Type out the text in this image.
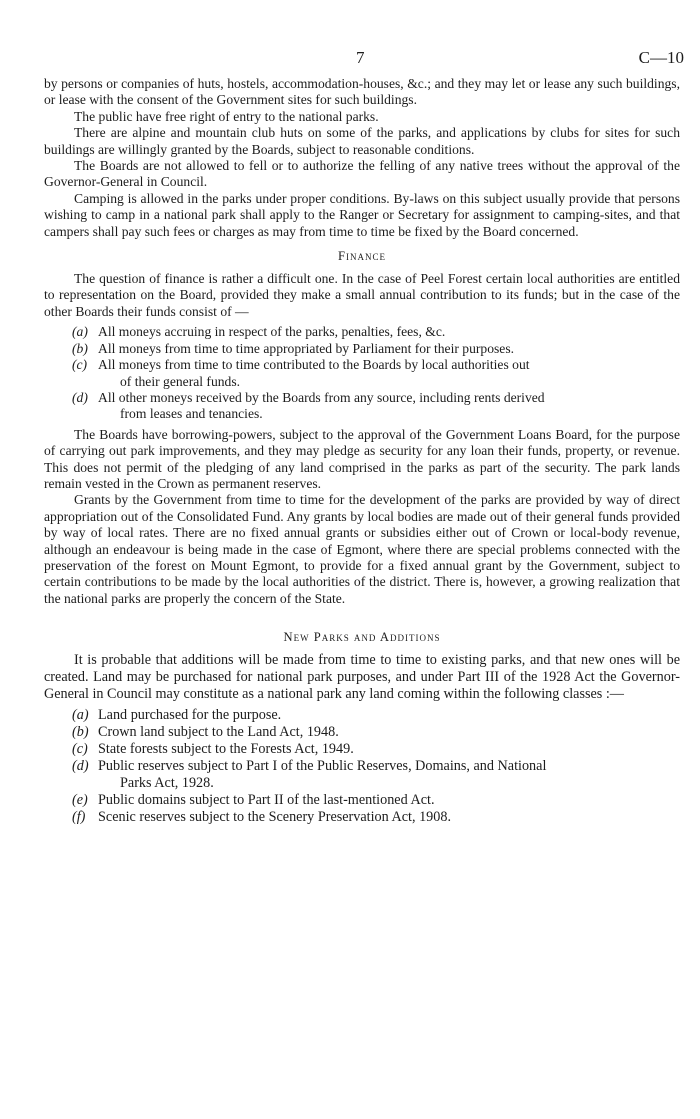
7	C—10

by persons or companies of huts, hostels, accommodation-houses, &c.; and they may let or lease any such buildings, or lease with the consent of the Government sites for such buildings.

The public have free right of entry to the national parks.

There are alpine and mountain club huts on some of the parks, and applications by clubs for sites for such buildings are willingly granted by the Boards, subject to reasonable conditions.

The Boards are not allowed to fell or to authorize the felling of any native trees without the approval of the Governor-General in Council.

Camping is allowed in the parks under proper conditions. By-laws on this subject usually provide that persons wishing to camp in a national park shall apply to the Ranger or Secretary for assignment to camping-sites, and that campers shall pay such fees or charges as may from time to time be fixed by the Board concerned.

Finance

The question of finance is rather a difficult one. In the case of Peel Forest certain local authorities are entitled to representation on the Board, provided they make a small annual contribution to its funds; but in the case of the other Boards their funds consist of —

(a) All moneys accruing in respect of the parks, penalties, fees, &c.
(b) All moneys from time to time appropriated by Parliament for their purposes.
(c) All moneys from time to time contributed to the Boards by local authorities out
of their general funds.
(d) All other moneys received by the Boards from any source, including rents derived
from leases and tenancies.

The Boards have borrowing-powers, subject to the approval of the Government Loans Board, for the purpose of carrying out park improvements, and they may pledge as security for any loan their funds, property, or revenue. This does not permit of the pledging of any land comprised in the parks as part of the security. The park lands remain vested in the Crown as permanent reserves.

Grants by the Government from time to time for the development of the parks are provided by way of direct appropriation out of the Consolidated Fund. Any grants by local bodies are made out of their general funds provided by way of local rates. There are no fixed annual grants or subsidies either out of Crown or local-body revenue, although an endeavour is being made in the case of Egmont, where there are special problems connected with the preservation of the forest on Mount Egmont, to provide for a fixed annual grant by the Government, subject to certain contributions to be made by the local authorities of the district. There is, however, a growing realization that the national parks are properly the concern of the State.

New Parks and Additions

It is probable that additions will be made from time to time to existing parks, and that new ones will be created. Land may be purchased for national park purposes, and under Part III of the 1928 Act the Governor-General in Council may constitute as a national park any land coming within the following classes :—

(a) Land purchased for the purpose.
(b) Crown land subject to the Land Act, 1948.
(c) State forests subject to the Forests Act, 1949.
(d) Public reserves subject to Part I of the Public Reserves, Domains, and National
Parks Act, 1928.
(e) Public domains subject to Part II of the last-mentioned Act.
(f) Scenic reserves subject to the Scenery Preservation Act, 1908.
